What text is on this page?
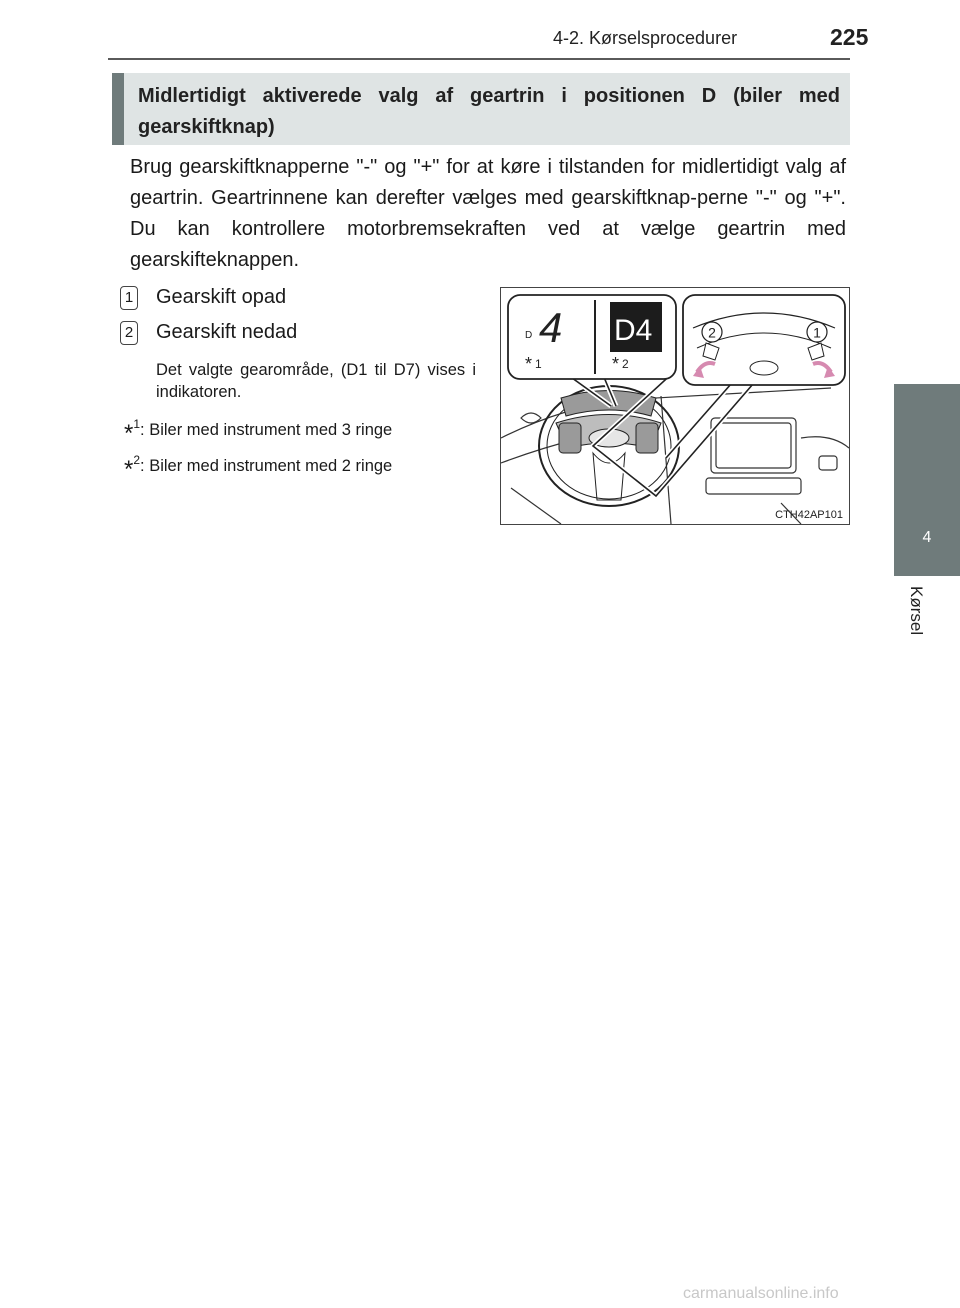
4-2. Kørselsprocedurer	225
4
Kørsel
Midlertidigt aktiverede valg af geartrin i positionen D (biler med gearskiftknap)
Brug gearskiftknapperne "-" og "+" for at køre i tilstanden for midlertidigt valg af geartrin. Geartrinnene kan derefter vælges med gearskiftknap-perne "-" og "+". Du kan kontrollere motorbremsekraften ved at vælge geartrin med gearskifteknappen.
1 Gearskift opad
2 Gearskift nedad
Det valgte gearområde, (D1 til D7) vises i indikatoren.
*$^1$: Biler med instrument med 3 ringe
*$^2$: Biler med instrument med 2 ringe
D 4
* 1
D4
* 2
2	1
CTH42AP101
carmanualsonline.info
